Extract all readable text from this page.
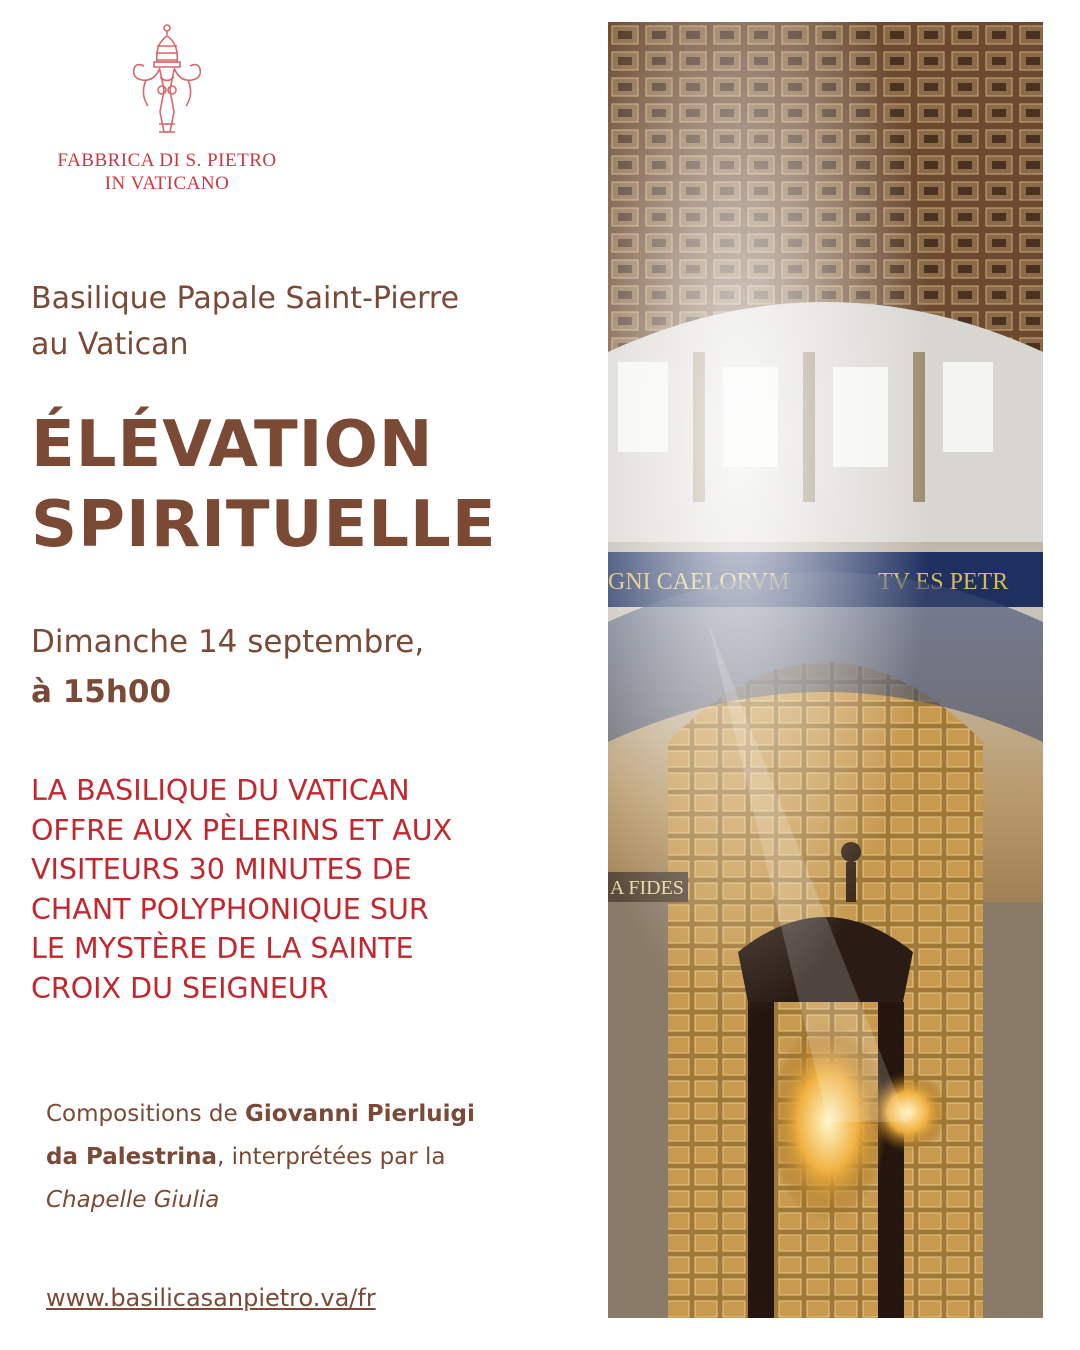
FABBRICA DI S. PIETRO
IN VATICANO
Basilique Papale Saint-Pierre
au Vatican
ÉLÉVATION
SPIRITUELLE
Dimanche 14 septembre,
à 15h00
LA BASILIQUE DU VATICAN
OFFRE AUX PÈLERINS ET AUX
VISITEURS 30 MINUTES DE
CHANT POLYPHONIQUE SUR
LE MYSTÈRE DE LA SAINTE
CROIX DU SEIGNEUR
Compositions de Giovanni Pierluigi
da Palestrina, interprétées par la
Chapelle Giulia
www.basilicasanpietro.va/fr
